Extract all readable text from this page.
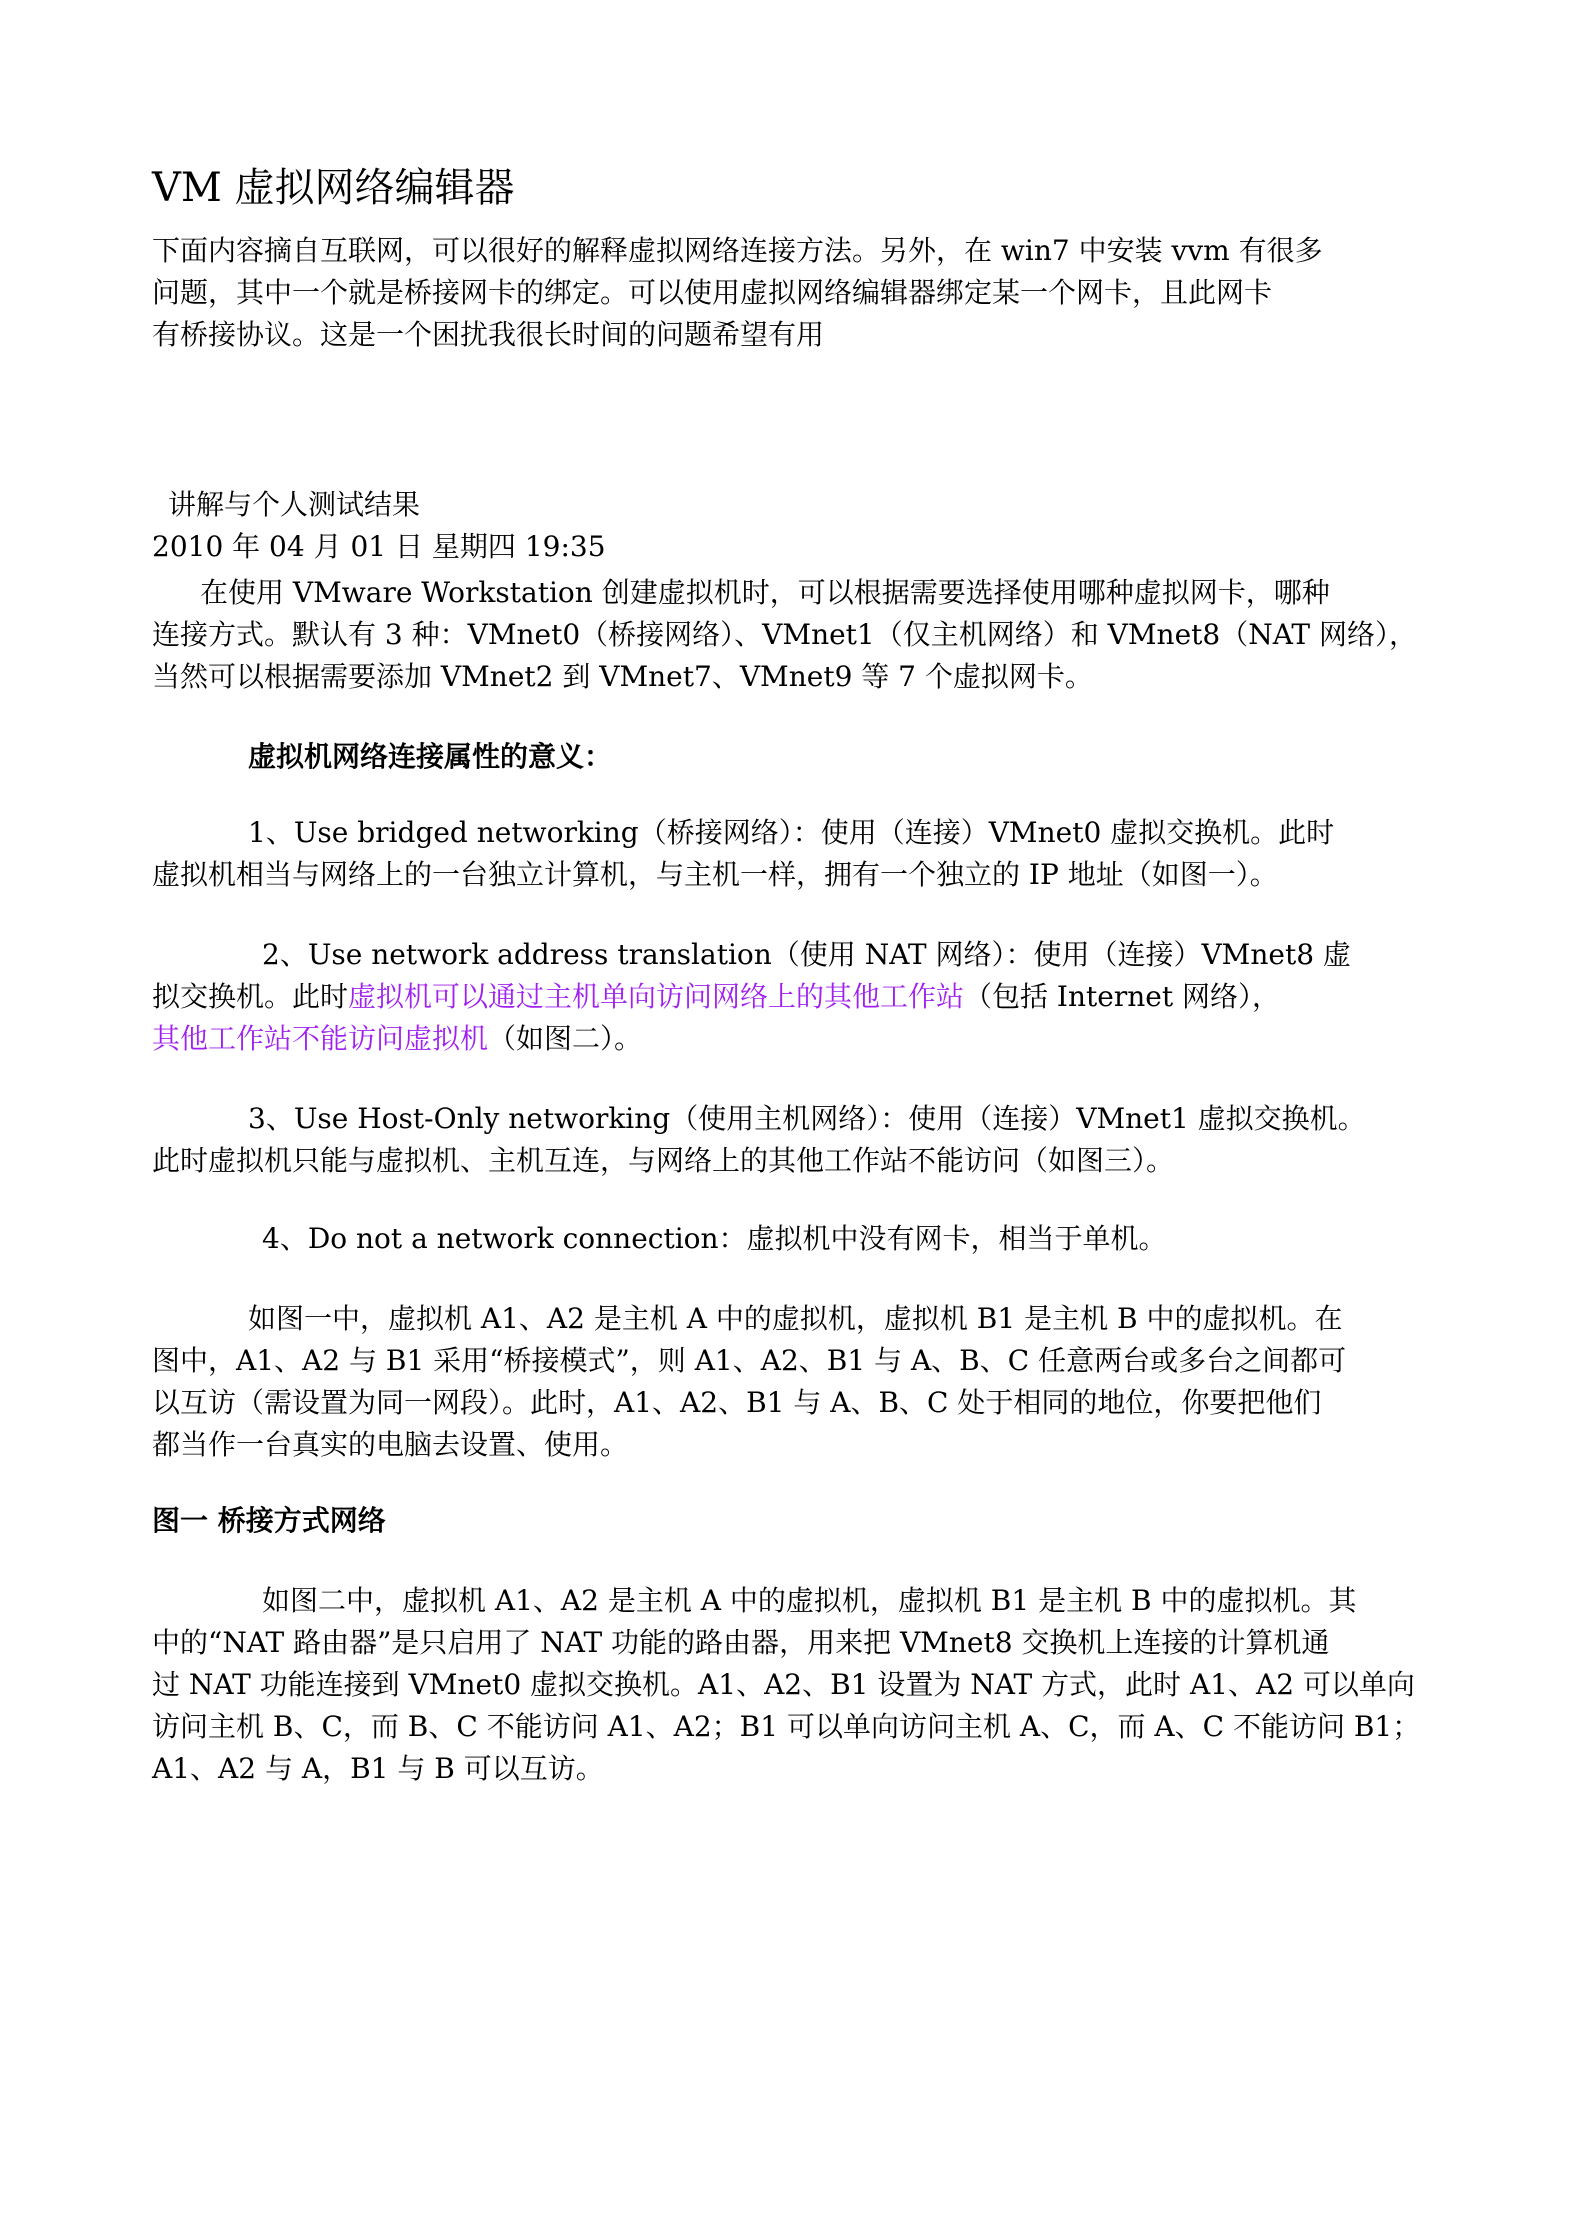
VM 虚拟网络编辑器
下面内容摘自互联网，可以很好的解释虚拟网络连接方法。另外，在 win7 中安装 vvm 有很多
问题，其中一个就是桥接网卡的绑定。可以使用虚拟网络编辑器绑定某一个网卡，且此网卡
有桥接协议。这是一个困扰我很长时间的问题希望有用

讲解与个人测试结果

2010 年 04 月 01 日 星期四 19:35

在使用 VMware Workstation 创建虚拟机时，可以根据需要选择使用哪种虚拟网卡，哪种
连接方式。默认有 3 种：VMnet0（桥接网络）、VMnet1（仅主机网络）和 VMnet8（NAT 网络），
当然可以根据需要添加 VMnet2 到 VMnet7、VMnet9 等 7 个虚拟网卡。

虚拟机网络连接属性的意义：

1、Use bridged networking（桥接网络）：使用（连接）VMnet0 虚拟交换机。此时
虚拟机相当与网络上的一台独立计算机，与主机一样，拥有一个独立的 IP 地址（如图一）。
2、Use network address translation（使用 NAT 网络）：使用（连接）VMnet8 虚
拟交换机。此时虚拟机可以通过主机单向访问网络上的其他工作站（包括 Internet 网络），
其他工作站不能访问虚拟机（如图二）。
3、Use Host-Only networking（使用主机网络）：使用（连接）VMnet1 虚拟交换机。
此时虚拟机只能与虚拟机、主机互连，与网络上的其他工作站不能访问（如图三）。
4、Do not a network connection：虚拟机中没有网卡，相当于单机。
如图一中，虚拟机 A1、A2 是主机 A 中的虚拟机，虚拟机 B1 是主机 B 中的虚拟机。在
图中，A1、A2 与 B1 采用“桥接模式”，则 A1、A2、B1 与 A、B、C 任意两台或多台之间都可
以互访（需设置为同一网段）。此时，A1、A2、B1 与 A、B、C 处于相同的地位，你要把他们
都当作一台真实的电脑去设置、使用。

图一 桥接方式网络

如图二中，虚拟机 A1、A2 是主机 A 中的虚拟机，虚拟机 B1 是主机 B 中的虚拟机。其
中的“NAT 路由器”是只启用了 NAT 功能的路由器，用来把 VMnet8 交换机上连接的计算机通
过 NAT 功能连接到 VMnet0 虚拟交换机。A1、A2、B1 设置为 NAT 方式，此时 A1、A2 可以单向
访问主机 B、C，而 B、C 不能访问 A1、A2；B1 可以单向访问主机 A、C，而 A、C 不能访问 B1；
A1、A2 与 A，B1 与 B 可以互访。
